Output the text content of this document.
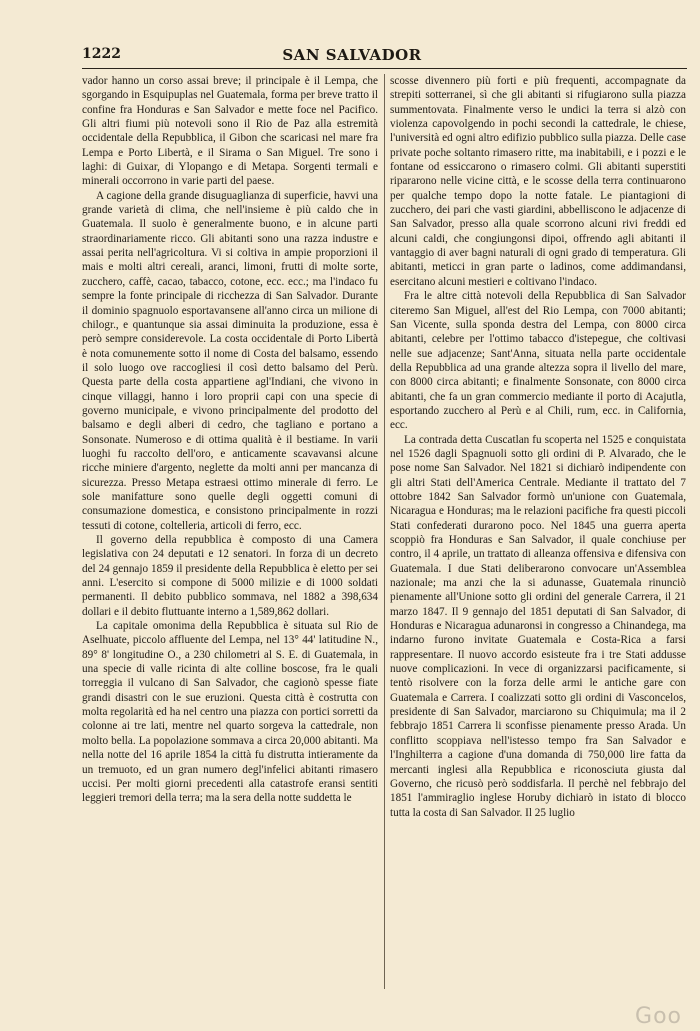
1222	SAN SALVADOR

vador hanno un corso assai breve; il principale è il Lempa, che sgorgando in Esquipuplas nel Guatemala, forma per breve tratto il confine fra Honduras e San Salvador e mette foce nel Pacifico. Gli altri fiumi più notevoli sono il Rio de Paz alla estremità occidentale della Repubblica, il Gibon che scaricasi nel mare fra Lempa e Porto Libertà, e il Sirama o San Miguel. Tre sono i laghi: di Guixar, di Ylopango e di Metapa. Sorgenti termali e minerali occorrono in varie parti del paese.

A cagione della grande disuguaglianza di superficie, havvi una grande varietà di clima, che nell'insieme è più caldo che in Guatemala. Il suolo è generalmente buono, e in alcune parti straordinariamente ricco. Gli abitanti sono una razza industre e assai perita nell'agricoltura. Vi si coltiva in ampie proporzioni il mais e molti altri cereali, aranci, limoni, frutti di molte sorte, zucchero, caffè, cacao, tabacco, cotone, ecc. ecc.; ma l'indaco fu sempre la fonte principale di ricchezza di San Salvador. Durante il dominio spagnuolo esportavansene all'anno circa un milione di chilogr., e quantunque sia assai diminuita la produzione, essa è però sempre considerevole. La costa occidentale di Porto Libertà è nota comunemente sotto il nome di Costa del balsamo, essendo il solo luogo ove raccogliesi il così detto balsamo del Perù. Questa parte della costa appartiene agl'Indiani, che vivono in cinque villaggi, hanno i loro proprii capi con una specie di governo municipale, e vivono principalmente del prodotto del balsamo e degli alberi di cedro, che tagliano e portano a Sonsonate. Numeroso e di ottima qualità è il bestiame. In varii luoghi fu raccolto dell'oro, e anticamente scavavansi alcune ricche miniere d'argento, neglette da molti anni per mancanza di sicurezza. Presso Metapa estraesi ottimo minerale di ferro. Le sole manifatture sono quelle degli oggetti comuni di consumazione domestica, e consistono principalmente in rozzi tessuti di cotone, coltelleria, articoli di ferro, ecc.

Il governo della repubblica è composto di una Camera legislativa con 24 deputati e 12 senatori. In forza di un decreto del 24 gennajo 1859 il presidente della Repubblica è eletto per sei anni. L'esercito si compone di 5000 milizie e di 1000 soldati permanenti. Il debito pubblico sommava, nel 1882 a 398,634 dollari e il debito fluttuante interno a 1,589,862 dollari.

La capitale omonima della Repubblica è situata sul Rio de Aselhuate, piccolo affluente del Lempa, nel 13° 44' latitudine N., 89° 8' longitudine O., a 230 chilometri al S. E. di Guatemala, in una specie di valle ricinta di alte colline boscose, fra le quali torreggia il vulcano di San Salvador, che cagionò spesse fiate grandi disastri con le sue eruzioni. Questa città è costrutta con molta regolarità ed ha nel centro una piazza con portici sorretti da colonne ai tre lati, mentre nel quarto sorgeva la cattedrale, non molto bella. La popolazione sommava a circa 20,000 abitanti. Ma nella notte del 16 aprile 1854 la città fu distrutta intieramente da un tremuoto, ed un gran numero degl'infelici abitanti rimasero uccisi. Per molti giorni precedenti alla catastrofe eransi sentiti leggieri tremori della terra; ma la sera della notte suddetta le

scosse divennero più forti e più frequenti, accompagnate da strepiti sotterranei, sì che gli abitanti si rifugiarono sulla piazza summentovata. Finalmente verso le undici la terra si alzò con violenza capovolgendo in pochi secondi la cattedrale, le chiese, l'università ed ogni altro edifizio pubblico sulla piazza. Delle case private poche soltanto rimasero ritte, ma inabitabili, e i pozzi e le fontane od essiccarono o rimasero colmi. Gli abitanti superstiti ripararono nelle vicine città, e le scosse della terra continuarono per qualche tempo dopo la notte fatale. Le piantagioni di zucchero, dei pari che vasti giardini, abbelliscono le adjacenze di San Salvador, presso alla quale scorrono alcuni rivi freddi ed alcuni caldi, che congiungonsi dipoi, offrendo agli abitanti il vantaggio di aver bagni naturali di ogni grado di temperatura. Gli abitanti, meticci in gran parte o ladinos, come addimandansi, esercitano alcuni mestieri e coltivano l'indaco.

Fra le altre città notevoli della Repubblica di San Salvador citeremo San Miguel, all'est del Rio Lempa, con 7000 abitanti; San Vicente, sulla sponda destra del Lempa, con 8000 circa abitanti, celebre per l'ottimo tabacco d'istepegue, che coltivasi nelle sue adjacenze; Sant'Anna, situata nella parte occidentale della Repubblica ad una grande altezza sopra il livello del mare, con 8000 circa abitanti; e finalmente Sonsonate, con 8000 circa abitanti, che fa un gran commercio mediante il porto di Acajutla, esportando zucchero al Perù e al Chili, rum, ecc. in California, ecc.

La contrada detta Cuscatlan fu scoperta nel 1525 e conquistata nel 1526 dagli Spagnuoli sotto gli ordini di P. Alvarado, che le pose nome San Salvador. Nel 1821 si dichiarò indipendente con gli altri Stati dell'America Centrale. Mediante il trattato del 7 ottobre 1842 San Salvador formò un'unione con Guatemala, Nicaragua e Honduras; ma le relazioni pacifiche fra questi piccoli Stati confederati durarono poco. Nel 1845 una guerra aperta scoppiò fra Honduras e San Salvador, il quale conchiuse per contro, il 4 aprile, un trattato di alleanza offensiva e difensiva con Guatemala. I due Stati deliberarono convocare un'Assemblea nazionale; ma anzi che la si adunasse, Guatemala rinunciò pienamente all'Unione sotto gli ordini del generale Carrera, il 21 marzo 1847. Il 9 gennajo del 1851 deputati di San Salvador, di Honduras e Nicaragua adunaronsi in congresso a Chinandega, ma indarno furono invitate Guatemala e Costa-Rica a farsi rappresentare. Il nuovo accordo esisteute fra i tre Stati addusse nuove complicazioni. In vece di organizzarsi pacificamente, si tentò risolvere con la forza delle armi le antiche gare con Guatemala e Carrera. I coalizzati sotto gli ordini di Vasconcelos, presidente di San Salvador, marciarono su Chiquimula; ma il 2 febbrajo 1851 Carrera li sconfisse pienamente presso Arada. Un conflitto scoppiava nell'istesso tempo fra San Salvador e l'Inghilterra a cagione d'una domanda di 750,000 lire fatta da mercanti inglesi alla Repubblica e riconosciuta giusta dal Governo, che ricusò però soddisfarla. Il perchè nel febbrajo del 1851 l'ammiraglio inglese Horuby dichiarò in istato di blocco tutta la costa di San Salvador. Il 25 luglio

Goo
